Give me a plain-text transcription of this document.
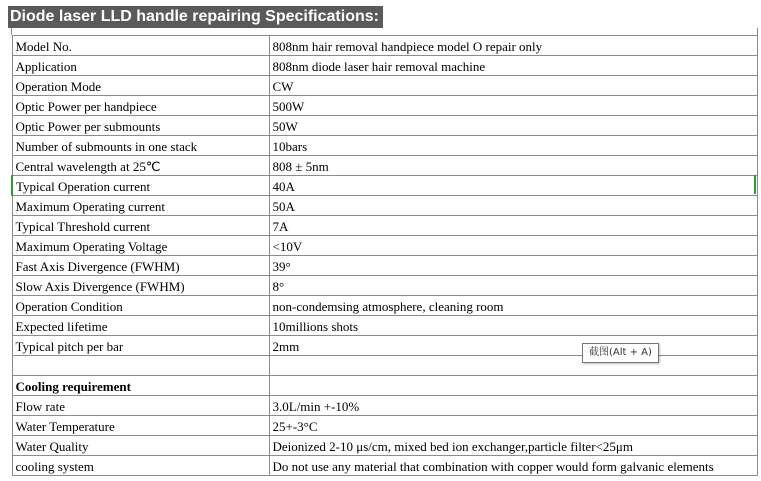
Diode laser LLD handle repairing Specifications:
Model No.	808nm hair removal handpiece model O repair only
Application	808nm diode laser hair removal machine
Operation Mode	CW
Optic Power per handpiece	500W
Optic Power per submounts	50W
Number of submounts in one stack	10bars
Central wavelength at 25℃	808 ± 5nm
Typical Operation current	40A
Maximum Operating current	50A
Typical Threshold current	7A
Maximum Operating Voltage	<10V
Fast Axis Divergence (FWHM)	39°
Slow Axis Divergence (FWHM)	8°
Operation Condition	non-condemsing atmosphere, cleaning room
Expected lifetime	10millions shots
Typical pitch per bar	2mm

Cooling requirement	
Flow rate	3.0L/min +-10%
Water Temperature	25+-3°C
Water Quality	Deionized 2-10 μs/cm, mixed bed ion exchanger,particle filter<25μm
cooling system	Do not use any material that combination with copper would form galvanic elements
截图(Alt + A)
